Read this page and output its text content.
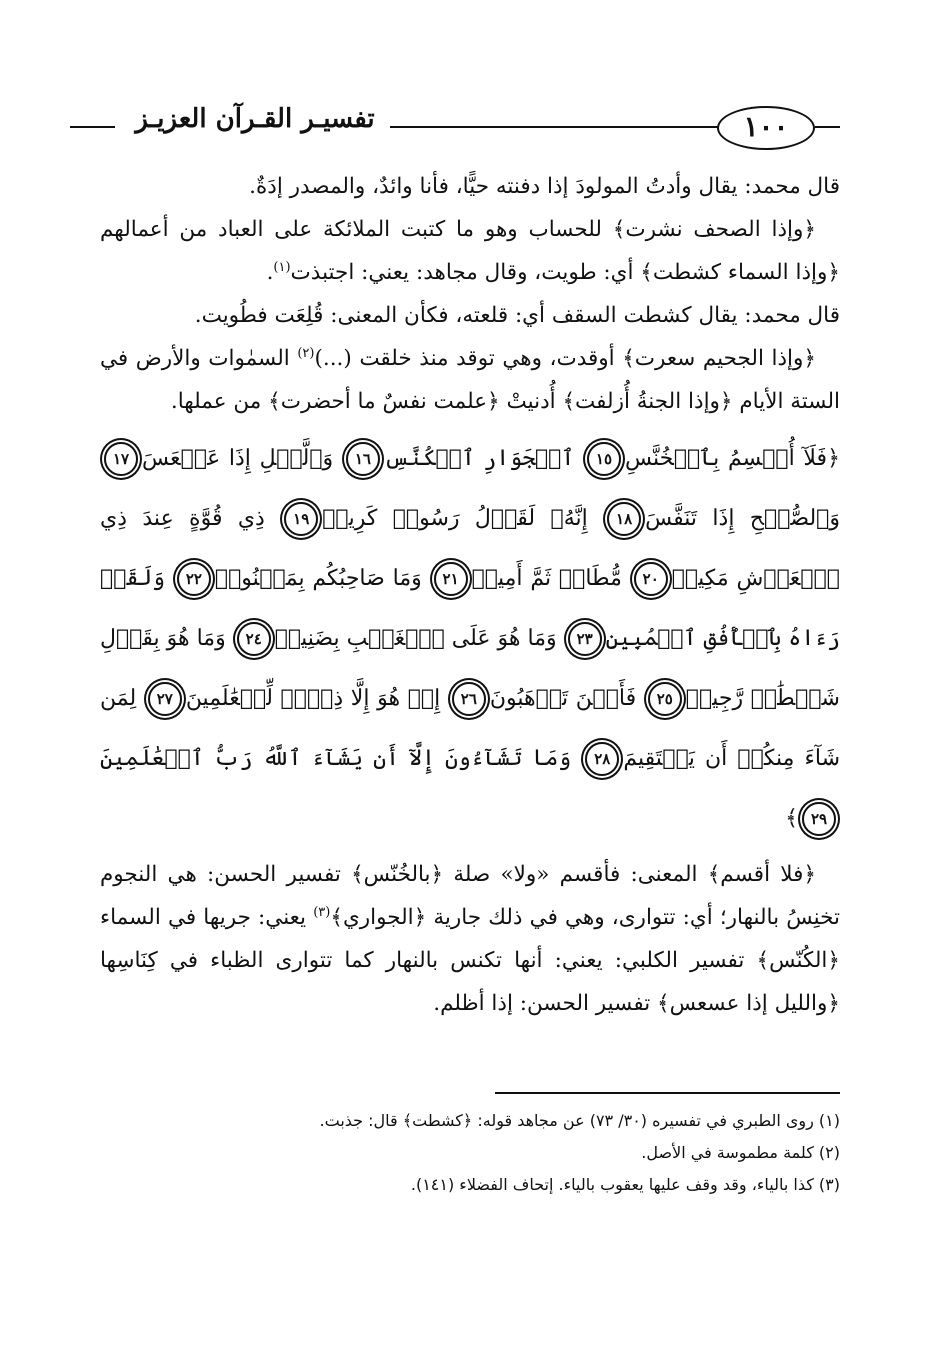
تفسيـر القـرآن العزيـز	١٠٠

قال محمد: يقال وأدتُ المولودَ إذا دفنته حيًّا، فأنا وائدٌ، والمصدر إدَةٌ.

﴿وإذا الصحف نشرت﴾ للحساب وهو ما كتبت الملائكة على العباد من أعمالهم ﴿وإذا السماء كشطت﴾ أي: طويت، وقال مجاهد: يعني: اجتبذت$^{(١)}$.

قال محمد: يقال كشطت السقف أي: قلعته، فكأن المعنى: قُلِعَت فطُويت.

﴿وإذا الجحيم سعرت﴾ أوقدت، وهي توقد منذ خلقت (...)$^{(٢)}$ السمٰوات والأرض في الستة الأيام ﴿وإذا الجنةُ أُزلفت﴾ أُدنيتْ ﴿علمت نفسٌ ما أحضرت﴾ من عملها.

﴿فَلَآ أُقۡسِمُ بِٱلۡخُنَّسِ١٥ ٱلۡجَوَارِ ٱلۡكُنَّسِ١٦ وَٱلَّيۡلِ إِذَا عَسۡعَسَ١٧ وَٱلصُّبۡحِ إِذَا تَنَفَّسَ١٨ إِنَّهُۥ لَقَوۡلُ رَسُولٖ كَرِيمٖ١٩ ذِي قُوَّةٍ عِندَ ذِي ٱلۡعَرۡشِ مَكِينٖ٢٠ مُّطَاعٖ ثَمَّ أَمِينٖ٢١ وَمَا صَاحِبُكُم بِمَجۡنُونٖ٢٢ وَلَقَدۡ رَءَاهُ بِٱلۡأُفُقِ ٱلۡمُبِينِ٢٣ وَمَا هُوَ عَلَى ٱلۡغَيۡبِ بِضَنِينٖ٢٤ وَمَا هُوَ بِقَوۡلِ شَيۡطَٰنٖ رَّجِيمٖ٢٥ فَأَيۡنَ تَذۡهَبُونَ٢٦ إِنۡ هُوَ إِلَّا ذِكۡرٞ لِّلۡعَٰلَمِينَ٢٧ لِمَن شَآءَ مِنكُمۡ أَن يَسۡتَقِيمَ٢٨ وَمَا تَشَآءُونَ إِلَّآ أَن يَشَآءَ ٱللَّهُ رَبُّ ٱلۡعَٰلَمِينَ٢٩﴾

﴿فلا أقسم﴾ المعنى: فأقسم «ولا» صلة ﴿بالخُنّس﴾ تفسير الحسن: هي النجوم تخنِسُ بالنهار؛ أي: تتوارى، وهي في ذلك جارية ﴿الجواري﴾$^{(٣)}$ يعني: جريها في السماء ﴿الكُنّس﴾ تفسير الكلبي: يعني: أنها تكنس بالنهار كما تتوارى الظباء في كِنَاسِها ﴿والليل إذا عسعس﴾ تفسير الحسن: إذا أظلم.

(١) روى الطبري في تفسيره (٣٠/ ٧٣) عن مجاهد قوله: ﴿كشطت﴾ قال: جذبت.

(٢) كلمة مطموسة في الأصل.

(٣) كذا بالياء، وقد وقف عليها يعقوب بالياء. إتحاف الفضلاء (١٤١).
